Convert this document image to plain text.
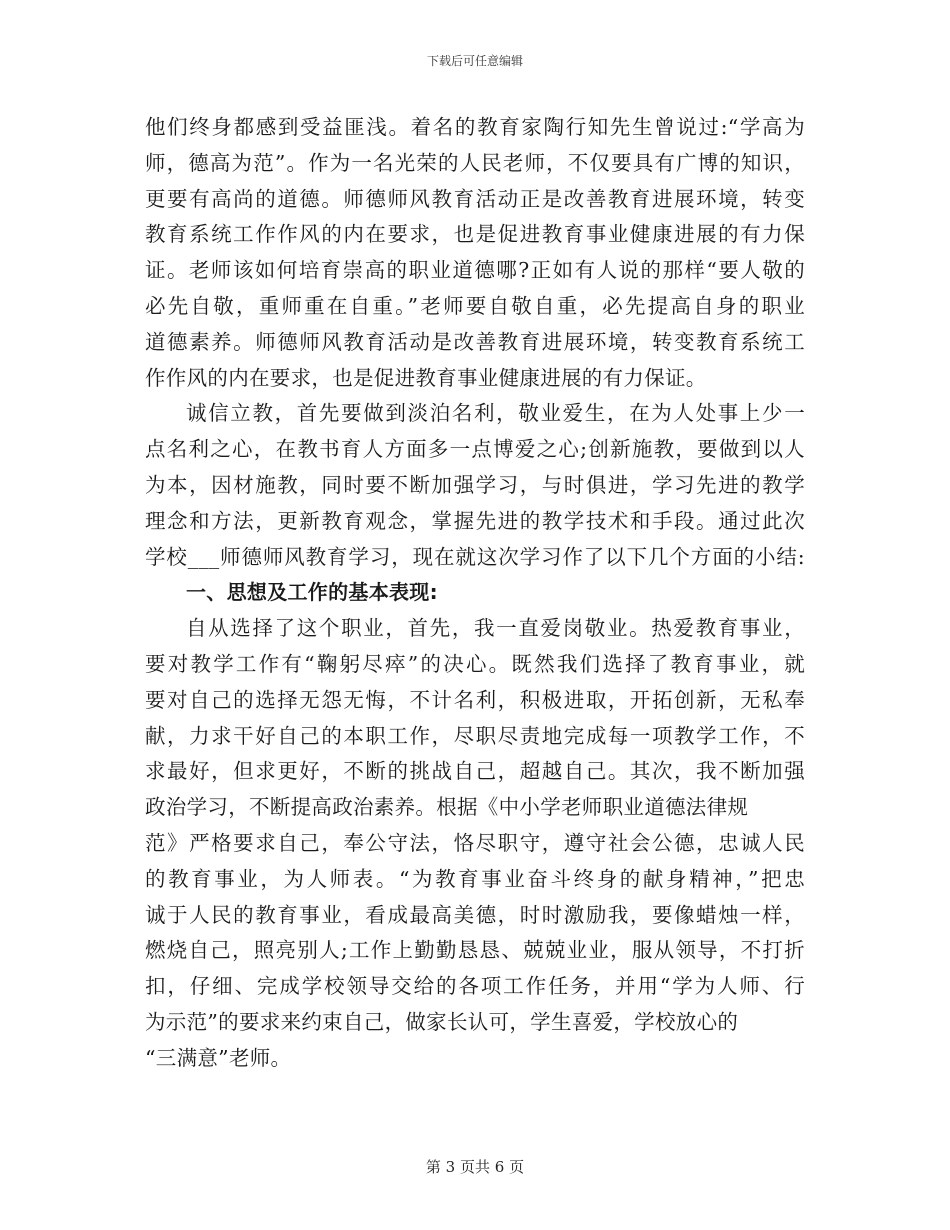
下载后可任意编辑
他们终身都感到受益匪浅。着名的教育家陶行知先生曾说过:“学高为
师，德高为范”。作为一名光荣的人民老师，不仅要具有广博的知识，
更要有高尚的道德。师德师风教育活动正是改善教育进展环境，转变
教育系统工作作风的内在要求，也是促进教育事业健康进展的有力保
证。老师该如何培育崇高的职业道德哪?正如有人说的那样“要人敬的
必先自敬，重师重在自重。”老师要自敬自重，必先提高自身的职业
道德素养。师德师风教育活动是改善教育进展环境，转变教育系统工
作作风的内在要求，也是促进教育事业健康进展的有力保证。
诚信立教，首先要做到淡泊名利，敬业爱生，在为人处事上少一
点名利之心，在教书育人方面多一点博爱之心;创新施教，要做到以人
为本，因材施教，同时要不断加强学习，与时俱进，学习先进的教学
理念和方法，更新教育观念，掌握先进的教学技术和手段。通过此次
学校___师德师风教育学习，现在就这次学习作了以下几个方面的小结:
一、思想及工作的基本表现:
自从选择了这个职业，首先，我一直爱岗敬业。热爱教育事业，
要对教学工作有“鞠躬尽瘁”的决心。既然我们选择了教育事业，就
要对自己的选择无怨无悔，不计名利，积极进取，开拓创新，无私奉
献，力求干好自己的本职工作，尽职尽责地完成每一项教学工作，不
求最好，但求更好，不断的挑战自己，超越自己。其次，我不断加强
政治学习，不断提高政治素养。根据《中小学老师职业道德法律规
范》严格要求自己，奉公守法，恪尽职守，遵守社会公德，忠诚人民
的教育事业，为人师表。“为教育事业奋斗终身的献身精神，”把忠
诚于人民的教育事业，看成最高美德，时时激励我，要像蜡烛一样，
燃烧自己，照亮别人;工作上勤勤恳恳、兢兢业业，服从领导，不打折
扣，仔细、完成学校领导交给的各项工作任务，并用“学为人师、行
为示范”的要求来约束自己，做家长认可，学生喜爱，学校放心的
“三满意”老师。
第 3 页共 6 页
